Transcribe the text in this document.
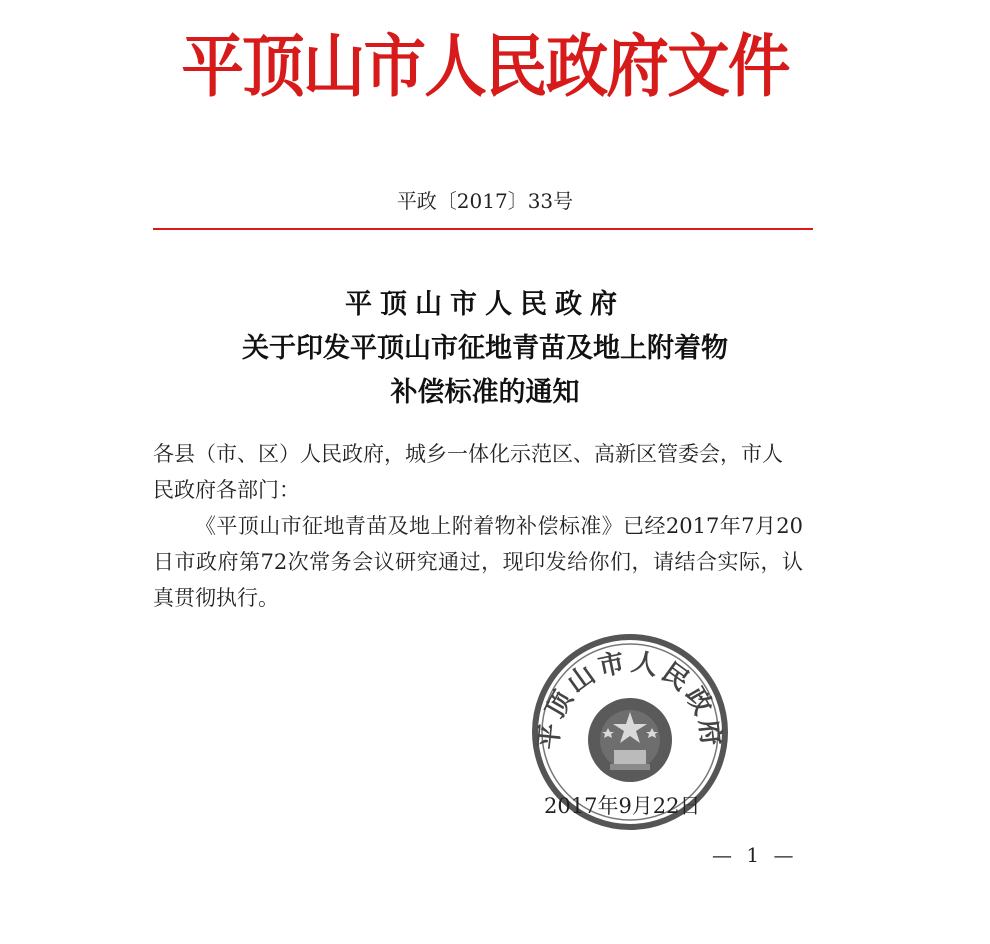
平顶山市人民政府文件
平政〔2017〕33号
平顶山市人民政府
关于印发平顶山市征地青苗及地上附着物
补偿标准的通知

各县（市、区）人民政府，城乡一体化示范区、高新区管委会，市人民政府各部门：

《平顶山市征地青苗及地上附着物补偿标准》已经2017年7月20日市政府第72次常务会议研究通过，现印发给你们，请结合实际，认真贯彻执行。

平顶山市人民政府
2017年9月22日
— 1 —
